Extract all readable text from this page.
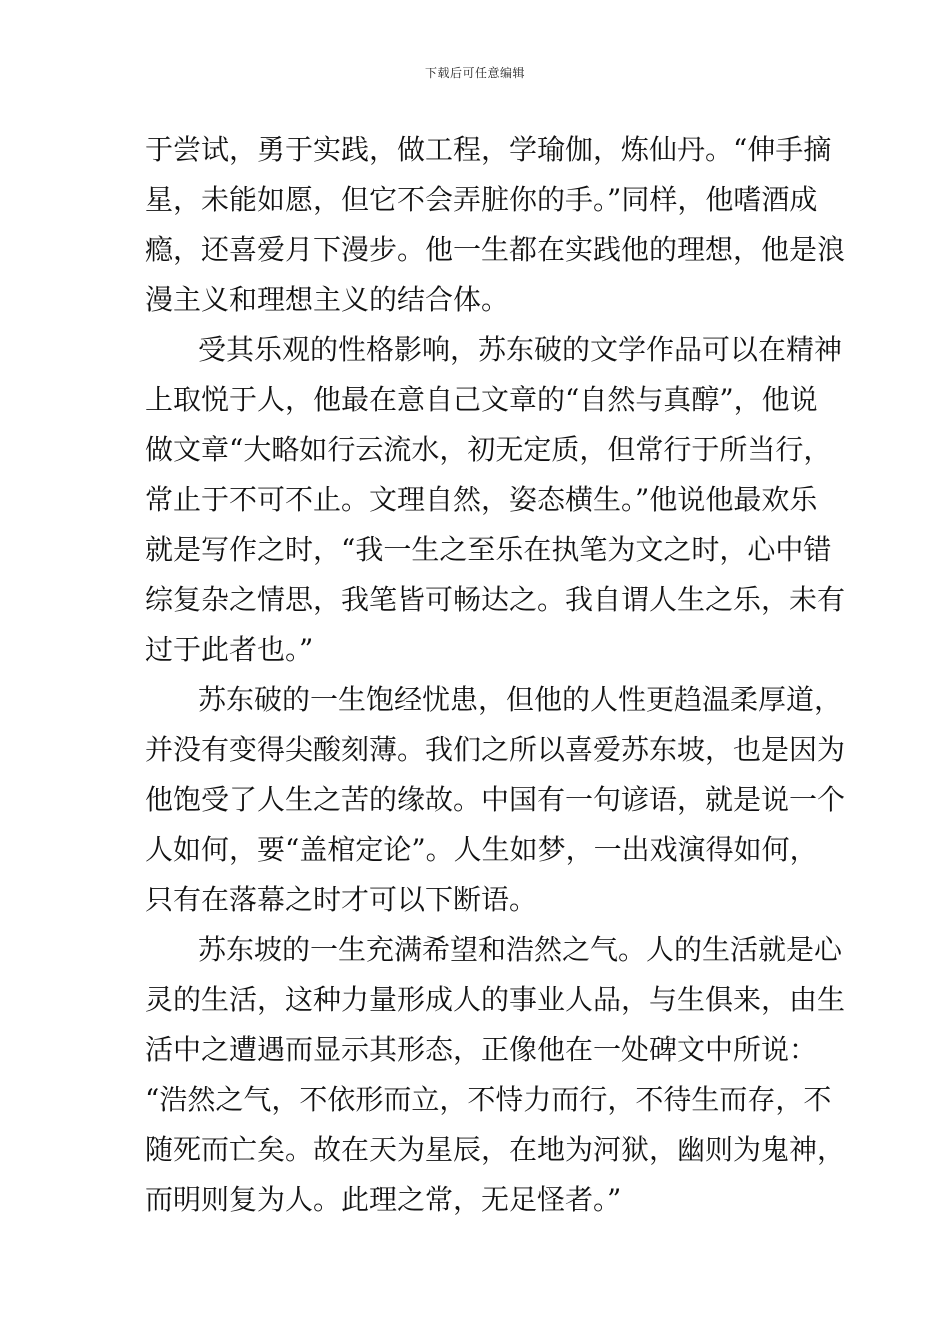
下载后可任意编辑
于尝试，勇于实践，做工程，学瑜伽，炼仙丹。“伸手摘
星，未能如愿，但它不会弄脏你的手。”同样，他嗜酒成
瘾，还喜爱月下漫步。他一生都在实践他的理想，他是浪
漫主义和理想主义的结合体。
受其乐观的性格影响，苏东破的文学作品可以在精神
上取悦于人，他最在意自己文章的“自然与真醇”，他说
做文章“大略如行云流水，初无定质，但常行于所当行，
常止于不可不止。文理自然，姿态横生。”他说他最欢乐
就是写作之时，“我一生之至乐在执笔为文之时，心中错
综复杂之情思，我笔皆可畅达之。我自谓人生之乐，未有
过于此者也。”
苏东破的一生饱经忧患，但他的人性更趋温柔厚道，
并没有变得尖酸刻薄。我们之所以喜爱苏东坡，也是因为
他饱受了人生之苦的缘故。中国有一句谚语，就是说一个
人如何，要“盖棺定论”。人生如梦，一出戏演得如何，
只有在落幕之时才可以下断语。
苏东坡的一生充满希望和浩然之气。人的生活就是心
灵的生活，这种力量形成人的事业人品，与生俱来，由生
活中之遭遇而显示其形态，正像他在一处碑文中所说：
“浩然之气，不依形而立，不恃力而行，不待生而存，不
随死而亡矣。故在天为星辰，在地为河狱，幽则为鬼神，
而明则复为人。此理之常，无足怪者。”
